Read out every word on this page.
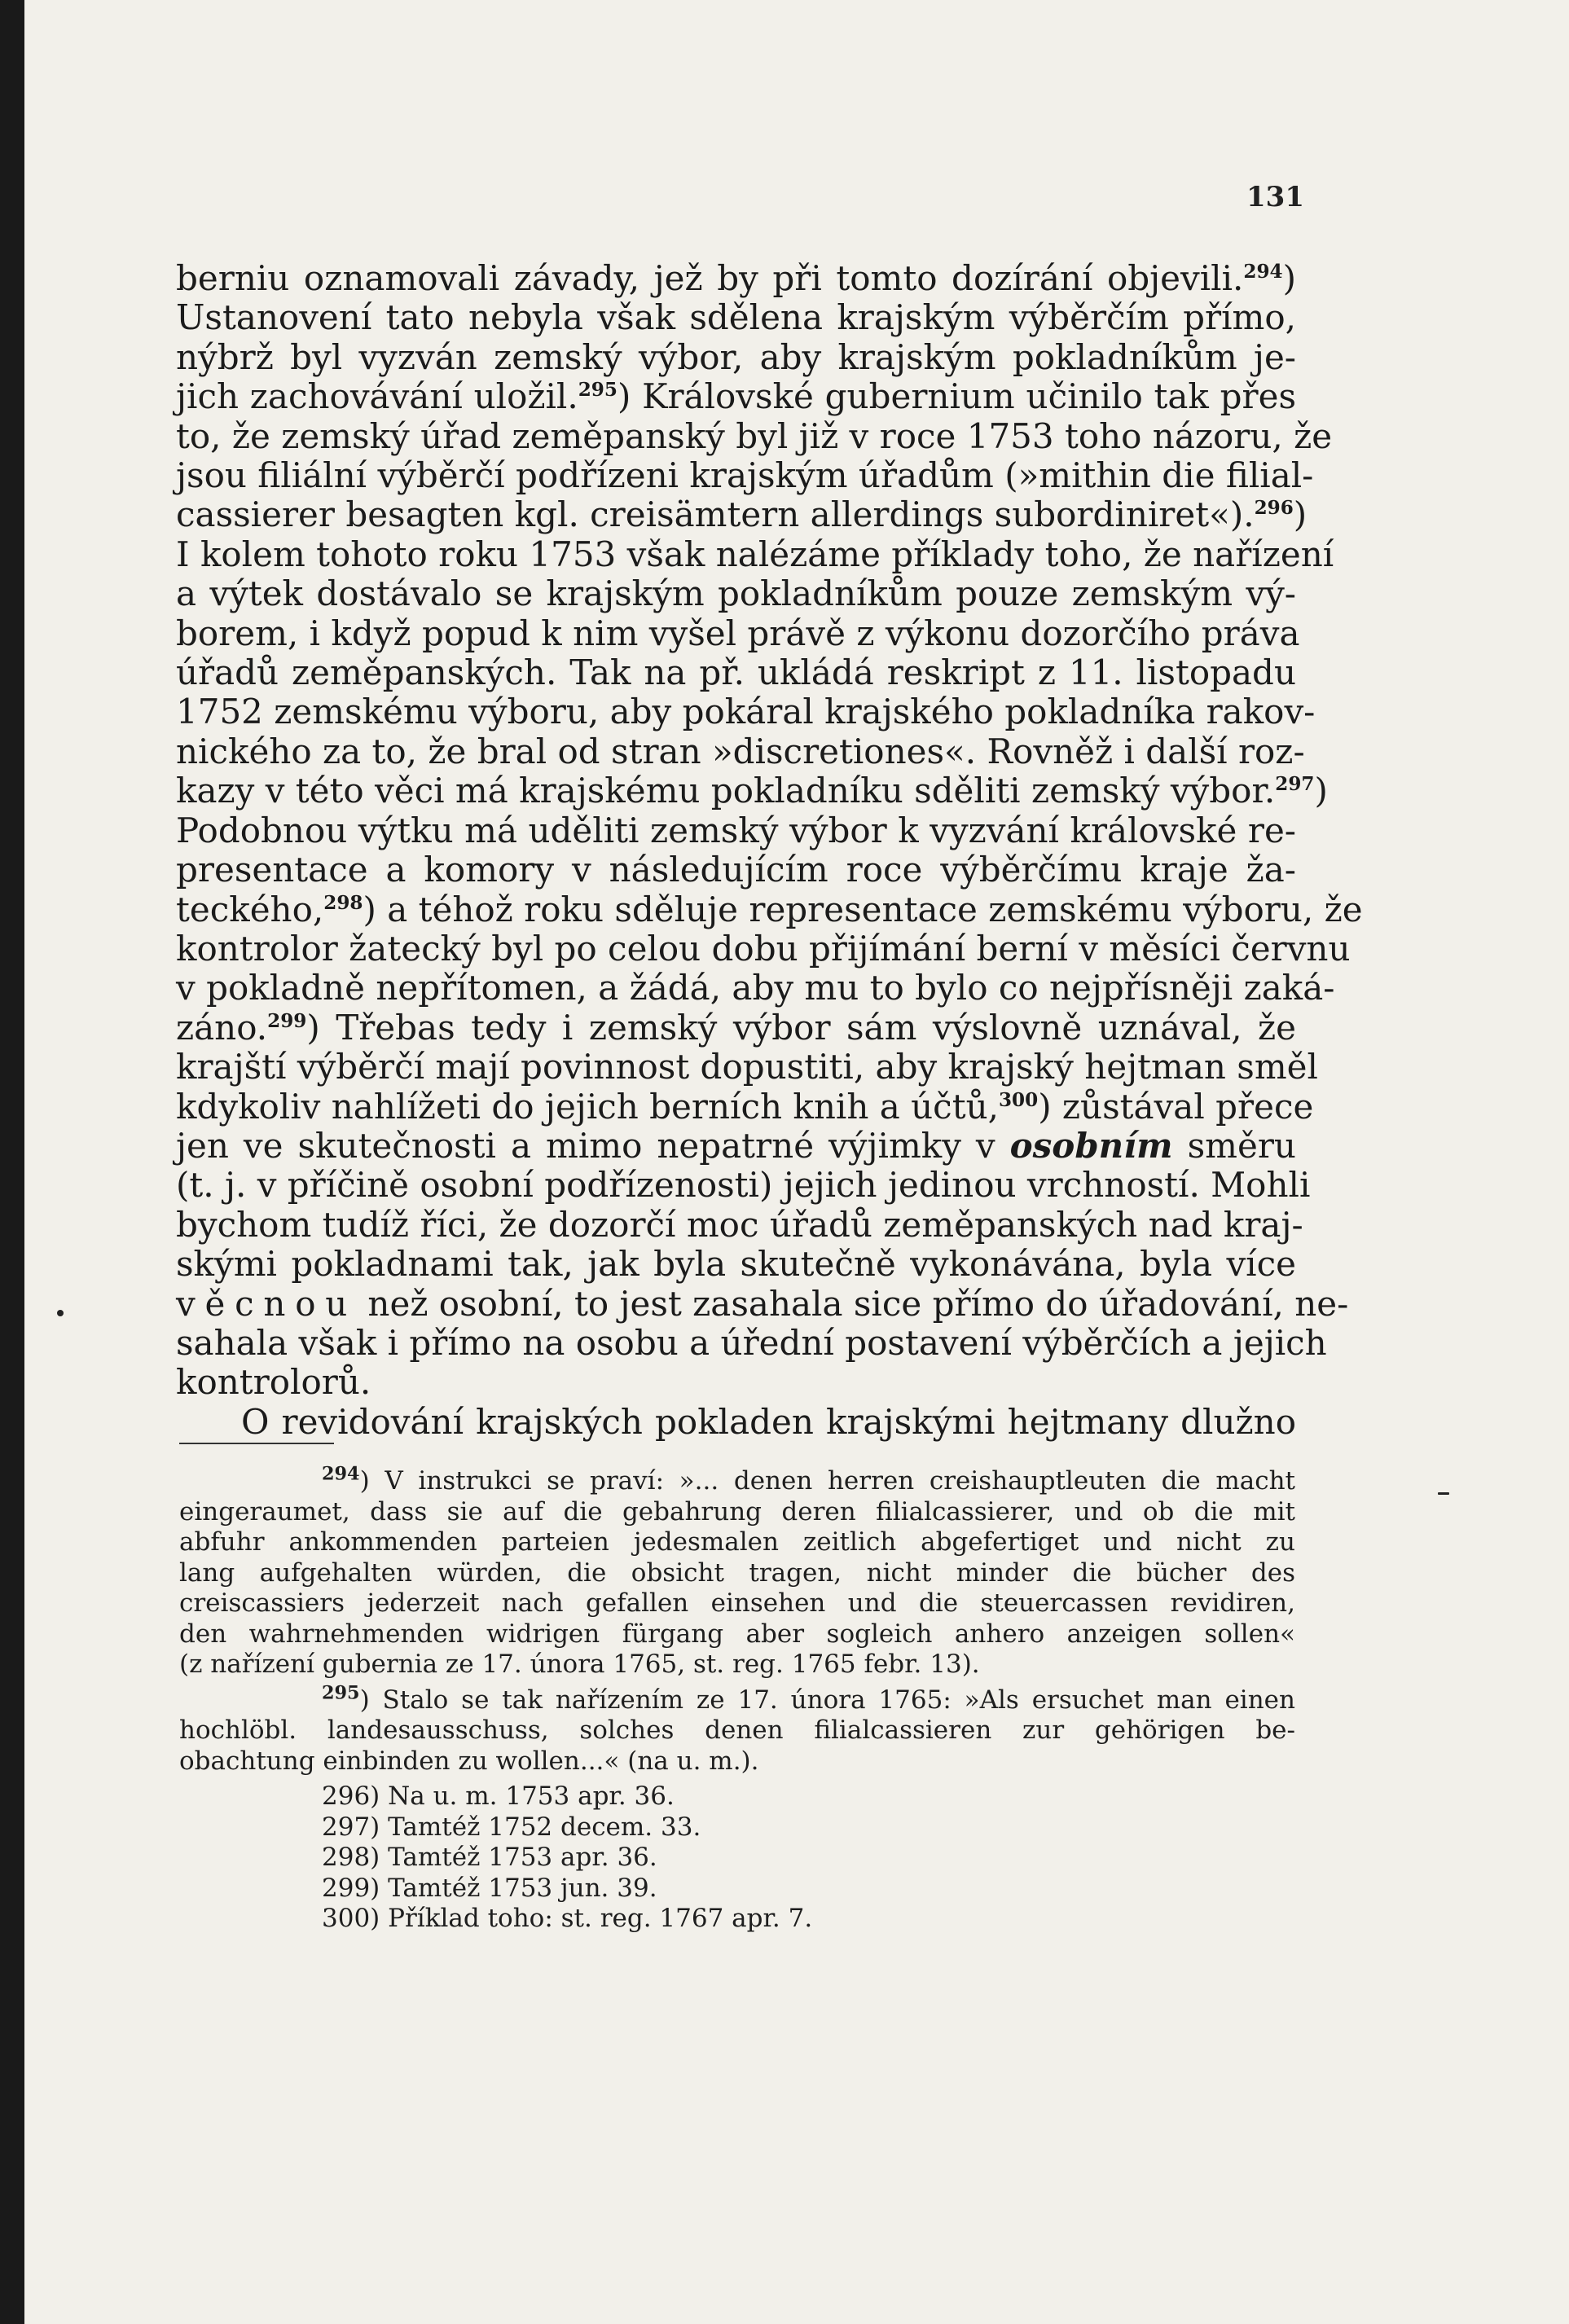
131
berniu oznamovali závady, jež by při tomto dozírání objevili.$^{294}$)
Ustanovení tato nebyla však sdělena krajským výběrčím přímo,
nýbrž byl vyzván zemský výbor, aby krajským pokladníkům je-
jich zachovávání uložil.$^{295}$) Královské gubernium učinilo tak přes
to, že zemský úřad zeměpanský byl již v roce 1753 toho názoru, že
jsou filiální výběrčí podřízeni krajským úřadům (»mithin die filial-
cassierer besagten kgl. creisämtern allerdings subordiniret«).$^{296}$)
I kolem tohoto roku 1753 však nalézáme příklady toho, že nařízení
a výtek dostávalo se krajským pokladníkům pouze zemským vý-
borem, i když popud k nim vyšel právě z výkonu dozorčího práva
úřadů zeměpanských. Tak na př. ukládá reskript z 11. listopadu
1752 zemskému výboru, aby pokáral krajského pokladníka rakov-
nického za to, že bral od stran »discretiones«. Rovněž i další roz-
kazy v této věci má krajskému pokladníku sděliti zemský výbor.$^{297}$)
Podobnou výtku má uděliti zemský výbor k vyzvání královské re-
presentace a komory v následujícím roce výběrčímu kraje ža-
teckého,$^{298}$) a téhož roku sděluje representace zemskému výboru, že
kontrolor žatecký byl po celou dobu přijímání berní v měsíci červnu
v pokladně nepřítomen, a žádá, aby mu to bylo co nejpřísněji zaká-
záno.$^{299}$) Třebas tedy i zemský výbor sám výslovně uznával, že
krajští výběrčí mají povinnost dopustiti, aby krajský hejtman směl
kdykoliv nahlížeti do jejich berních knih a účtů,$^{300}$) zůstával přece
jen ve skutečnosti a mimo nepatrné výjimky v osobním směru
(t. j. v příčině osobní podřízenosti) jejich jedinou vrchností. Mohli
bychom tudíž říci, že dozorčí moc úřadů zeměpanských nad kraj-
skými pokladnami tak, jak byla skutečně vykonávána, byla více
věcnou než osobní, to jest zasahala sice přímo do úřadování, ne-
sahala však i přímo na osobu a úřední postavení výběrčích a jejich
kontrolorů.
O revidování krajských pokladen krajskými hejtmany dlužno
$^{294}$) V instrukci se praví: »... denen herren creishauptleuten die macht
eingeraumet, dass sie auf die gebahrung deren filialcassierer, und ob die mit
abfuhr ankommenden parteien jedesmalen zeitlich abgefertiget und nicht zu
lang aufgehalten würden, die obsicht tragen, nicht minder die bücher des
creiscassiers jederzeit nach gefallen einsehen und die steuercassen revidiren,
den wahrnehmenden widrigen fürgang aber sogleich anhero anzeigen sollen«
(z nařízení gubernia ze 17. února 1765, st. reg. 1765 febr. 13).
$^{295}$) Stalo se tak nařízením ze 17. února 1765: »Als ersuchet man einen
hochlöbl. landesausschuss, solches denen filialcassieren zur gehörigen be-
obachtung einbinden zu wollen...« (na u. m.).
296) Na u. m. 1753 apr. 36.
297) Tamtéž 1752 decem. 33.
298) Tamtéž 1753 apr. 36.
299) Tamtéž 1753 jun. 39.
300) Příklad toho: st. reg. 1767 apr. 7.
